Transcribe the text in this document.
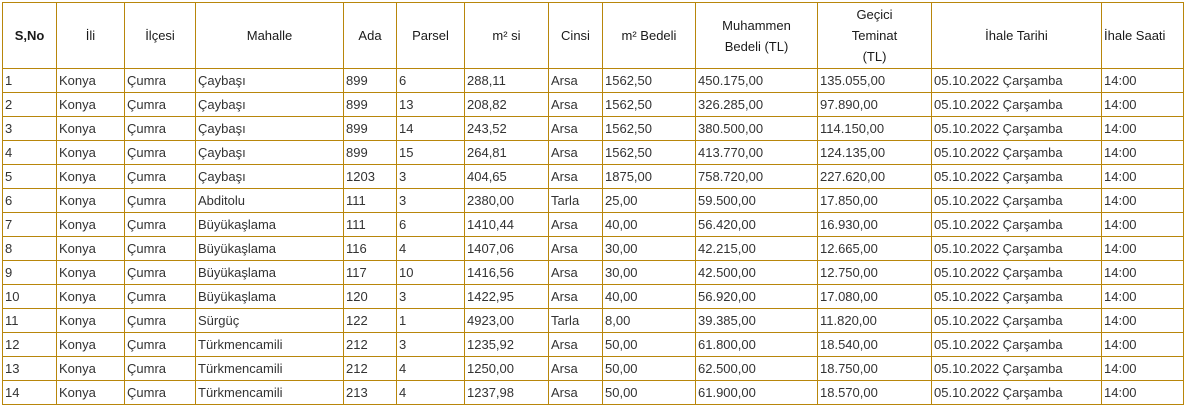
S,No	İli	İlçesi	Mahalle	Ada	Parsel	m² si	Cinsi	m² Bedeli	Muhammen
Bedeli (TL)	Geçici
Teminat
(TL)	İhale Tarihi	İhale Saati
1	Konya	Çumra	Çaybaşı	899	6	288,11	Arsa	1562,50	450.175,00	135.055,00	05.10.2022 Çarşamba	14:00
2	Konya	Çumra	Çaybaşı	899	13	208,82	Arsa	1562,50	326.285,00	97.890,00	05.10.2022 Çarşamba	14:00
3	Konya	Çumra	Çaybaşı	899	14	243,52	Arsa	1562,50	380.500,00	114.150,00	05.10.2022 Çarşamba	14:00
4	Konya	Çumra	Çaybaşı	899	15	264,81	Arsa	1562,50	413.770,00	124.135,00	05.10.2022 Çarşamba	14:00
5	Konya	Çumra	Çaybaşı	1203	3	404,65	Arsa	1875,00	758.720,00	227.620,00	05.10.2022 Çarşamba	14:00
6	Konya	Çumra	Abditolu	111	3	2380,00	Tarla	25,00	59.500,00	17.850,00	05.10.2022 Çarşamba	14:00
7	Konya	Çumra	Büyükaşlama	111	6	1410,44	Arsa	40,00	56.420,00	16.930,00	05.10.2022 Çarşamba	14:00
8	Konya	Çumra	Büyükaşlama	116	4	1407,06	Arsa	30,00	42.215,00	12.665,00	05.10.2022 Çarşamba	14:00
9	Konya	Çumra	Büyükaşlama	117	10	1416,56	Arsa	30,00	42.500,00	12.750,00	05.10.2022 Çarşamba	14:00
10	Konya	Çumra	Büyükaşlama	120	3	1422,95	Arsa	40,00	56.920,00	17.080,00	05.10.2022 Çarşamba	14:00
11	Konya	Çumra	Sürgüç	122	1	4923,00	Tarla	8,00	39.385,00	11.820,00	05.10.2022 Çarşamba	14:00
12	Konya	Çumra	Türkmencamili	212	3	1235,92	Arsa	50,00	61.800,00	18.540,00	05.10.2022 Çarşamba	14:00
13	Konya	Çumra	Türkmencamili	212	4	1250,00	Arsa	50,00	62.500,00	18.750,00	05.10.2022 Çarşamba	14:00
14	Konya	Çumra	Türkmencamili	213	4	1237,98	Arsa	50,00	61.900,00	18.570,00	05.10.2022 Çarşamba	14:00
